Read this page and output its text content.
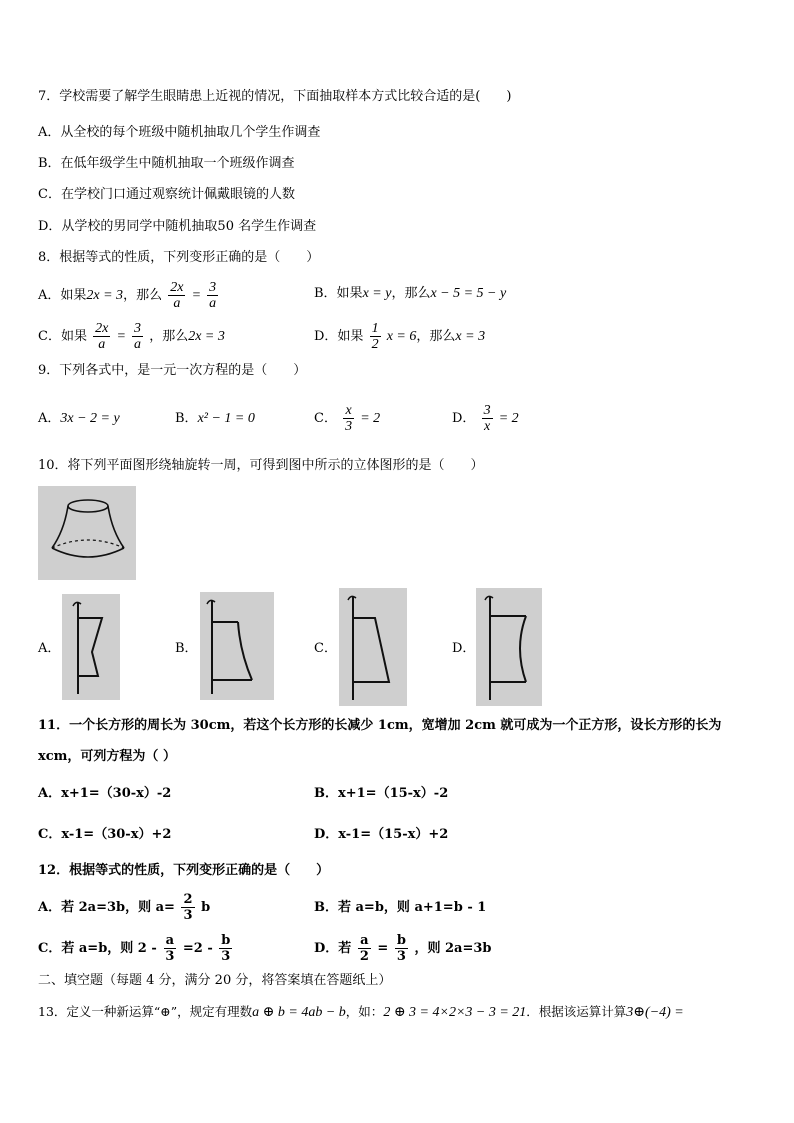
7．学校需要了解学生眼睛患上近视的情况，下面抽取样本方式比较合适的是(　　)
A．从全校的每个班级中随机抽取几个学生作调查
B．在低年级学生中随机抽取一个班级作调查
C．在学校门口通过观察统计佩戴眼镜的人数
D．从学校的男同学中随机抽取50 名学生作调查
8．根据等式的性质，下列变形正确的是（　　）
A．如果2x = 3，那么 $\frac{2x}{a} = \frac{3}{a}$	B．如果x = y，那么x − 5 = 5 − y
C．如果 $\frac{2x}{a} = \frac{3}{a}$ ，那么2x = 3	D．如果 $\frac{1}{2}$ x = 6，那么x = 3
9．下列各式中，是一元一次方程的是（　　）
A．3x − 2 = y	B．x² − 1 = 0	C． $\frac{x}{3} = 2$	D． $\frac{3}{x} = 2$
10．将下列平面图形绕轴旋转一周，可得到图中所示的立体图形的是（　　）
A．	B．	C．	D．
11．一个长方形的周长为 30cm，若这个长方形的长减少 1cm，宽增加 2cm 就可成为一个正方形，设长方形的长为
xcm，可列方程为（ ）
A．x+1=（30-x）-2	B．x+1=（15-x）-2
C．x-1=（30-x）+2	D．x-1=（15-x）+2
12．根据等式的性质，下列变形正确的是（　　）
A．若 2a=3b，则 $a= \frac{2}{3}$ b	B．若 a=b，则 a+1=b - 1
C．若 a=b，则 $2 - \frac{a}{3} =2 - \frac{b}{3}$	D．若 $\frac{a}{2} = \frac{b}{3}$ ，则 2a=3b
二、填空题（每题 4 分，满分 20 分，将答案填在答题纸上）
13．定义一种新运算“⊕”，规定有理数a ⊕ b = 4ab − b，如：2 ⊕ 3 = 4×2×3 − 3 = 21．根据该运算计算3⊕(−4) =
